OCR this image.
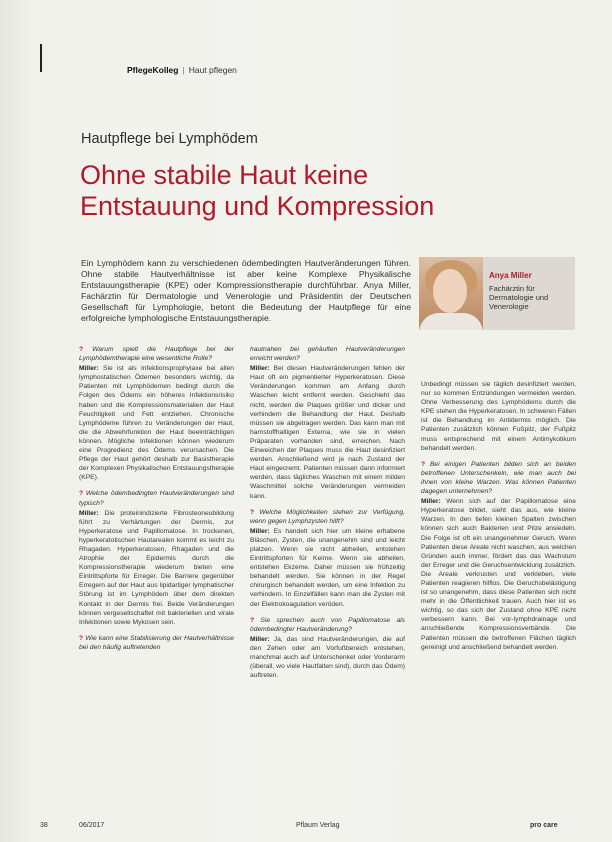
PflegeKolleg | Haut pflegen
Hautpflege bei Lymphödem
Ohne stabile Haut keine Entstauung und Kompression
Ein Lymphödem kann zu verschiedenen ödembedingten Hautveränderungen führen. Ohne stabile Hautverhältnisse ist aber keine Komplexe Physikalische Entstauungstherapie (KPE) oder Kompressionstherapie durchführbar. Anya Miller, Fachärztin für Dermatologie und Venerologie und Präsidentin der Deutschen Gesellschaft für Lymphologie, betont die Bedeutung der Hautpflege für eine erfolgreiche lymphologische Entstauungstherapie.
Anya Miller
Fachärztin für Dermatologie und Venerologie
? Warum spielt die Hautpflege bei der Lymphödemtherapie eine wesentliche Rolle?
Miller: Sie ist als Infektionsprophylaxe bei allen lymphostatischen Ödemen besonders wichtig, da Patienten mit Lymphödemen bedingt durch die Folgen des Ödems ein höheres Infektionsrisiko haben und die Kompressionsmaterialien der Haut Feuchtigkeit und Fett entziehen. Chronische Lymphödeme führen zu Veränderungen der Haut, die die Abwehrfunktion der Haut beeinträchtigen können. Mögliche Infektionen können wiederum eine Progredienz des Ödems verursachen. Die Pflege der Haut gehört deshalb zur Basistherapie der Komplexen Physikalischen Entstauungstherapie (KPE).
? Welche ödembedingten Hautveränderungen sind typisch?
Miller: Die proteinindizierte Fibrosteoneubildung führt zu Verhärtungen der Dermis, zur Hyperkeratose und Papillomatose. In trockenen, hyperkeratotischen Hautarealen kommt es leicht zu Rhagaden. Hyperkeratosen, Rhagaden und die Atrophie der Epidermis durch die Kompressionstherapie wiederum bieten eine Eintrittspforte für Erreger. Die Barriere gegenüber Erregern auf der Haut aus lipidartiger lymphatischer Störung ist im Lymphödem über dem direkten Kontakt in der Dermis frei. Beide Veränderungen können vergesellschaftet mit bakteriellen und virale Infektionen sowie Mykosen sein.
? Wie kann eine Stabilisierung der Hautverhältnisse bei den häufig auftretenden
hautnahen bei gehäuften Hautveränderungen erreicht werden?
Miller: Bei diesen Hautveränderungen fehlen der Haut oft ein pigmentierter Hyperkeratosen. Diese Veränderungen kommen am Anfang durch Waschen leicht entfernt werden. Geschieht das nicht, werden die Plaques größer und dicker und verhindern die Behandlung der Haut. Deshalb müssen sie abgetragen werden. Das kann man mit harnstoffhaltigen Externa, wie sie in vielen Präparaten vorhanden sind, erreichen. Nach Einweichen der Plaques muss die Haut desinfiziert werden. Anschließend wird je nach Zustand der Haut eingecremt. Patienten müssen dann informiert werden, dass tägliches Waschen mit einem milden Waschmittel solche Veränderungen vermeiden kann.
? Welche Möglichkeiten stehen zur Verfügung, wenn gegen Lymphzysten hilft?
Miller: Es handelt sich hier um kleine erhabene Bläschen, Zysten, die unangenehm sind und leicht platzen. Wenn sie nicht abheilen, entstehen Eintrittspforten für Keime. Wenn sie abheilen, entstehen Ekzeme. Daher müssen sie frühzeitig behandelt werden. Sie können in der Regel chirurgisch behandelt werden, um eine Infektion zu verhindern. In Einzelfällen kann man die Zysten mit der Elektrokoagulation veröden.
? Sie sprechen auch von Papillomatose als ödembedingter Hautveränderung?
Miller: Ja, das sind Hautveränderungen, die auf den Zehen oder am Vorfußbereich entstehen, manchmal auch auf Unterschenkel oder Vorderarm (überall, wo viele Hautfalten sind), durch das Ödem) auftreten.
Unbedingt müssen sie täglich desinfiziert werden, nur so kommen Entzündungen vermeiden werden. Ohne Verbesserung des Lymphödems durch die KPE stehen die Hyperkeratosen. In schweren Fällen ist die Behandlung im Antidermis möglich. Die Patienten zusätzlich können Fußpilz, der Fußpilz muss entsprechend mit einem Antimykotikum behandelt werden.
? Bei einigen Patienten bilden sich an beiden betroffenen Unterschenkeln, wie man auch bei ihnen von kleine Warzen. Was können Patienten dagegen unternehmen?
Miller: Wenn sich auf der Papillomatose eine Hyperkeratose bildet, sieht das aus, wie kleine Warzen. In den tiefen kleinen Spalten zwischen können sich auch Bakterien und Pilze ansiedeln. Die Folge ist oft ein unangenehmer Geruch. Wenn Patienten diese Areale nicht waschen, aus welchen Gründen auch immer, fördert das das Wachstum der Erreger und die Geruchsentwicklung zusätzlich. Die Areale verkrusten und verkleben, viele Patienten reagieren hilflos. Die Geruchsbelästigung ist so unangenehm, dass diese Patienten sich nicht mehr in die Öffentlichkeit trauen. Auch hier ist es wichtig, so das sich der Zustand ohne KPE nicht verbessern kann. Bei vor-lymphdrainage und anschließende Kompressionsverbände. Die Patienten müssen die betroffenen Flächen täglich gereinigt und anschließend behandelt werden.
38	06/2017	Pflaum Verlag	pro care
